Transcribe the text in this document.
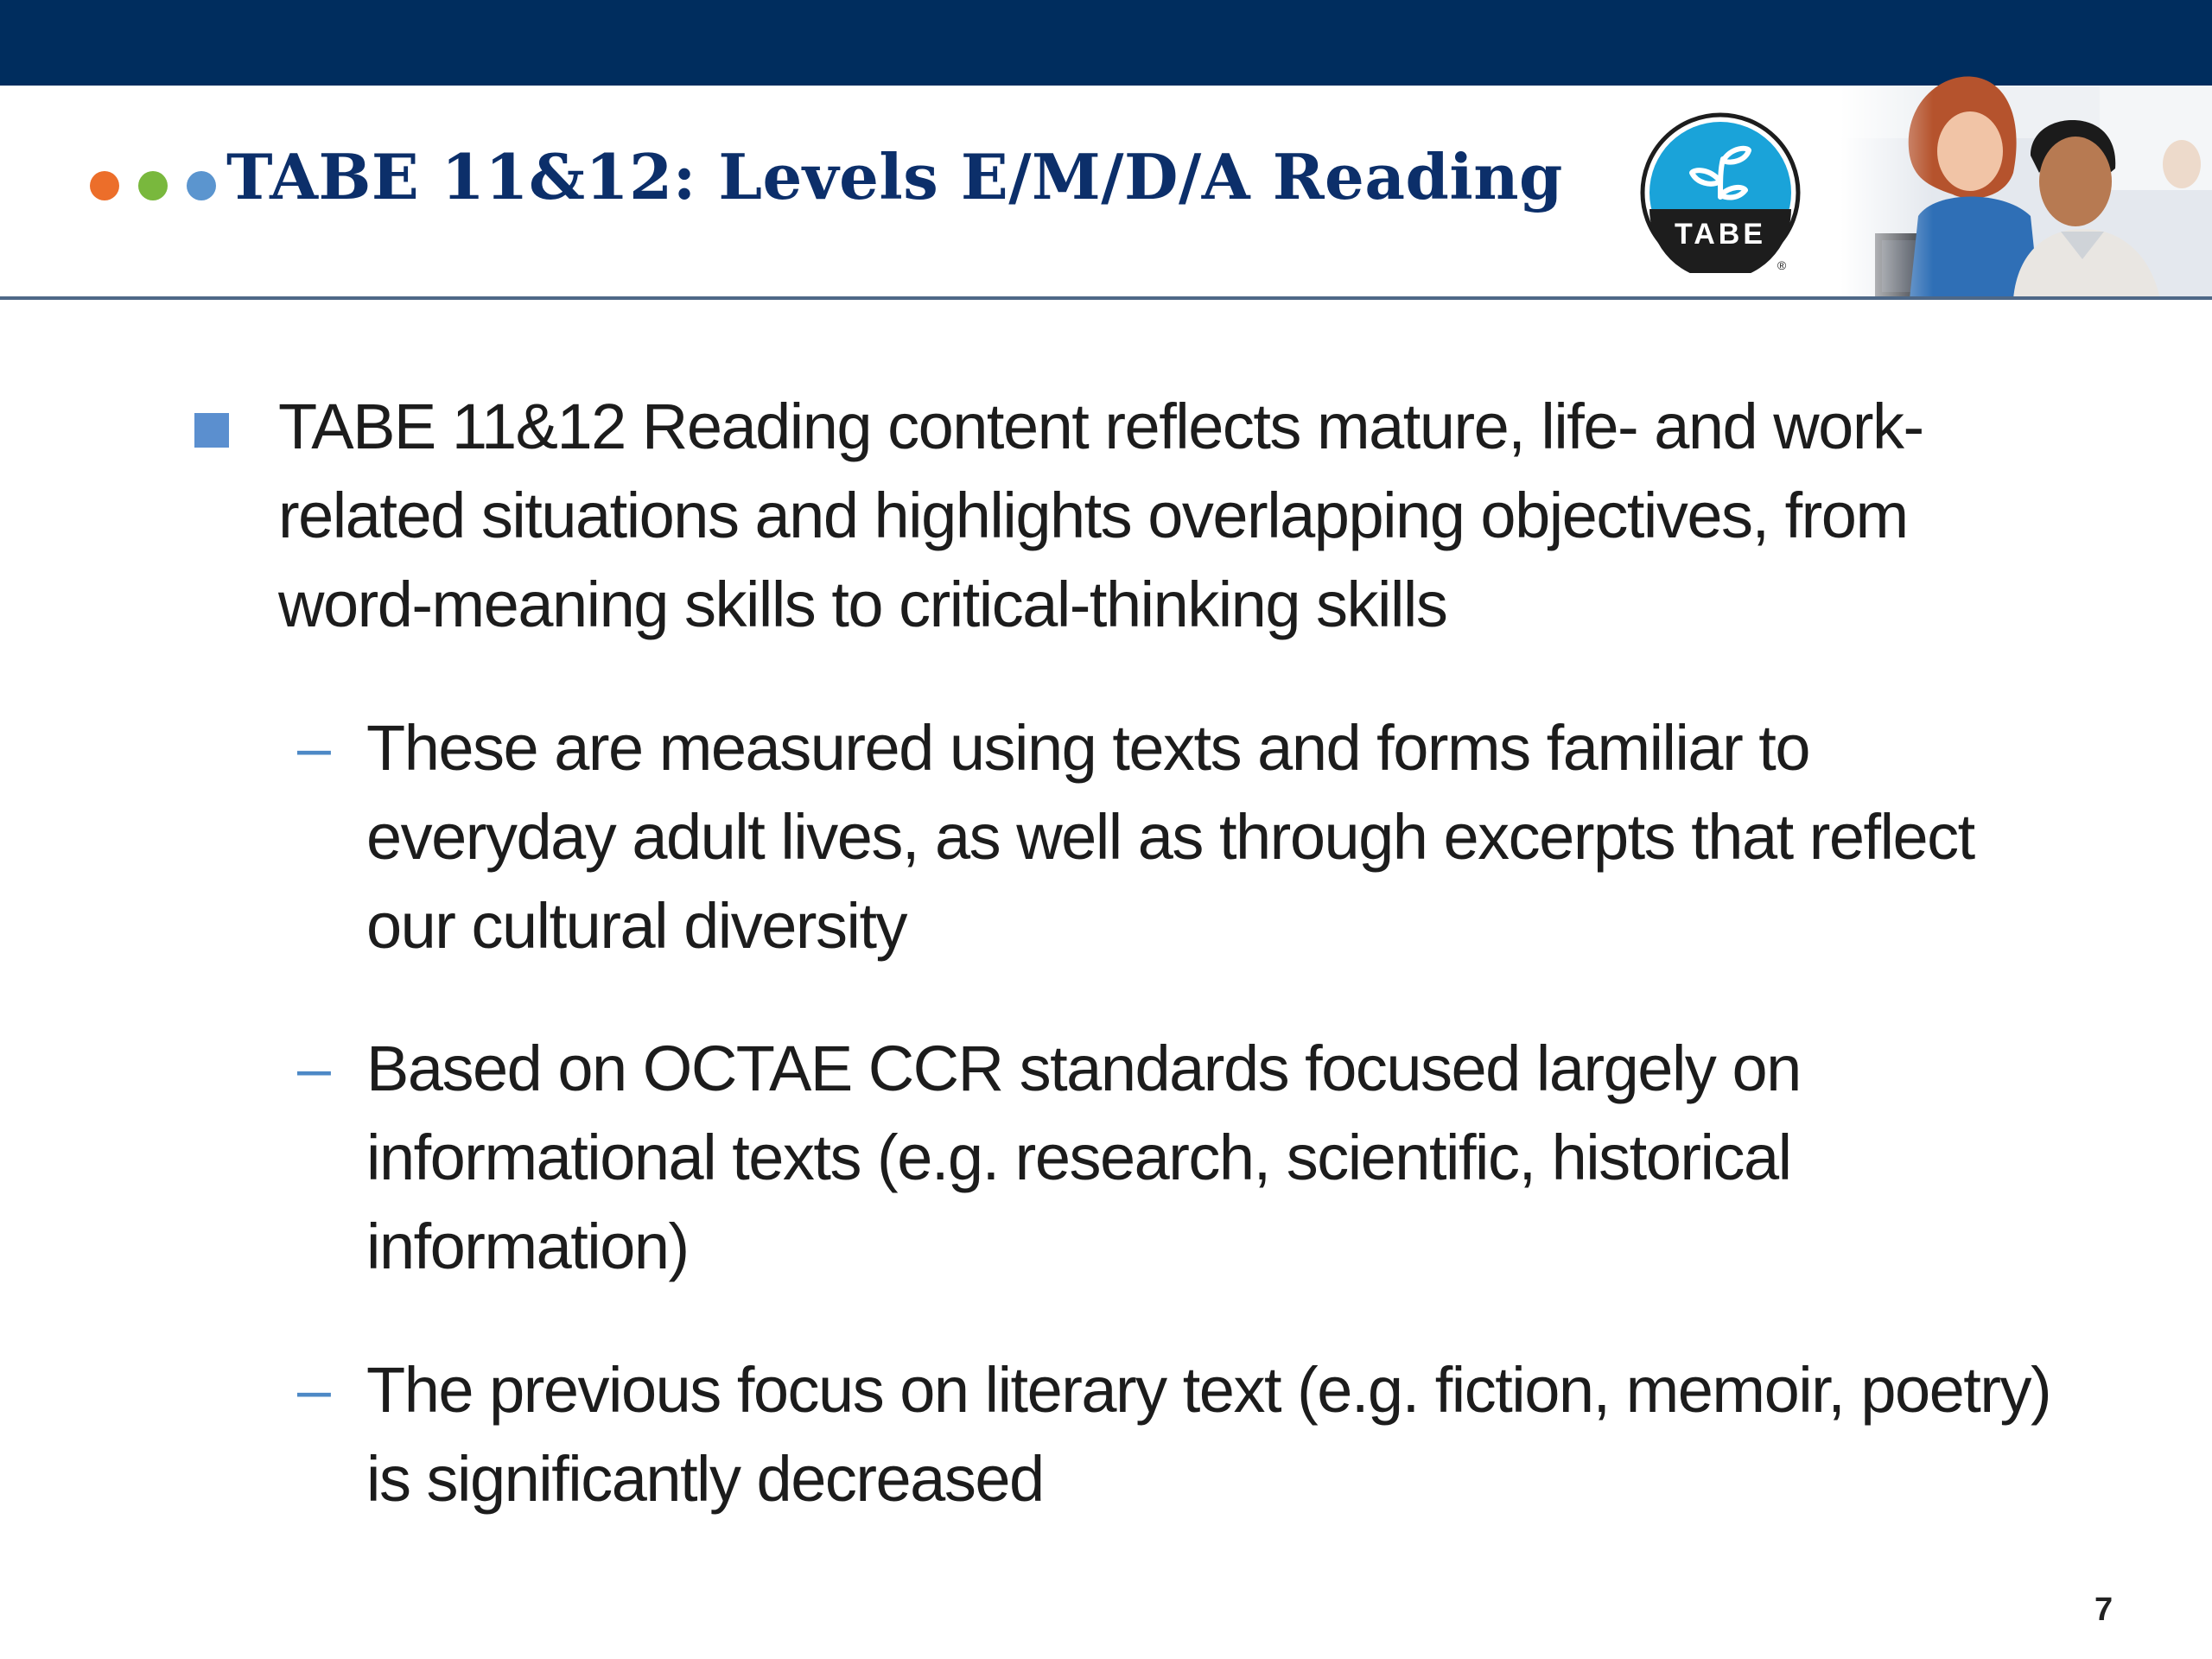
TABE 11&12: Levels E/M/D/A Reading
TABE
®
TABE 11&12 Reading content reflects mature, life- and work-related situations and highlights overlapping objectives, from word-meaning skills to critical-thinking skills
– These are measured using texts and forms familiar to everyday adult lives, as well as through excerpts that reflect our cultural diversity
– Based on OCTAE CCR standards focused largely on informational texts (e.g. research, scientific, historical information)
– The previous focus on literary text (e.g. fiction, memoir, poetry) is significantly decreased
7
